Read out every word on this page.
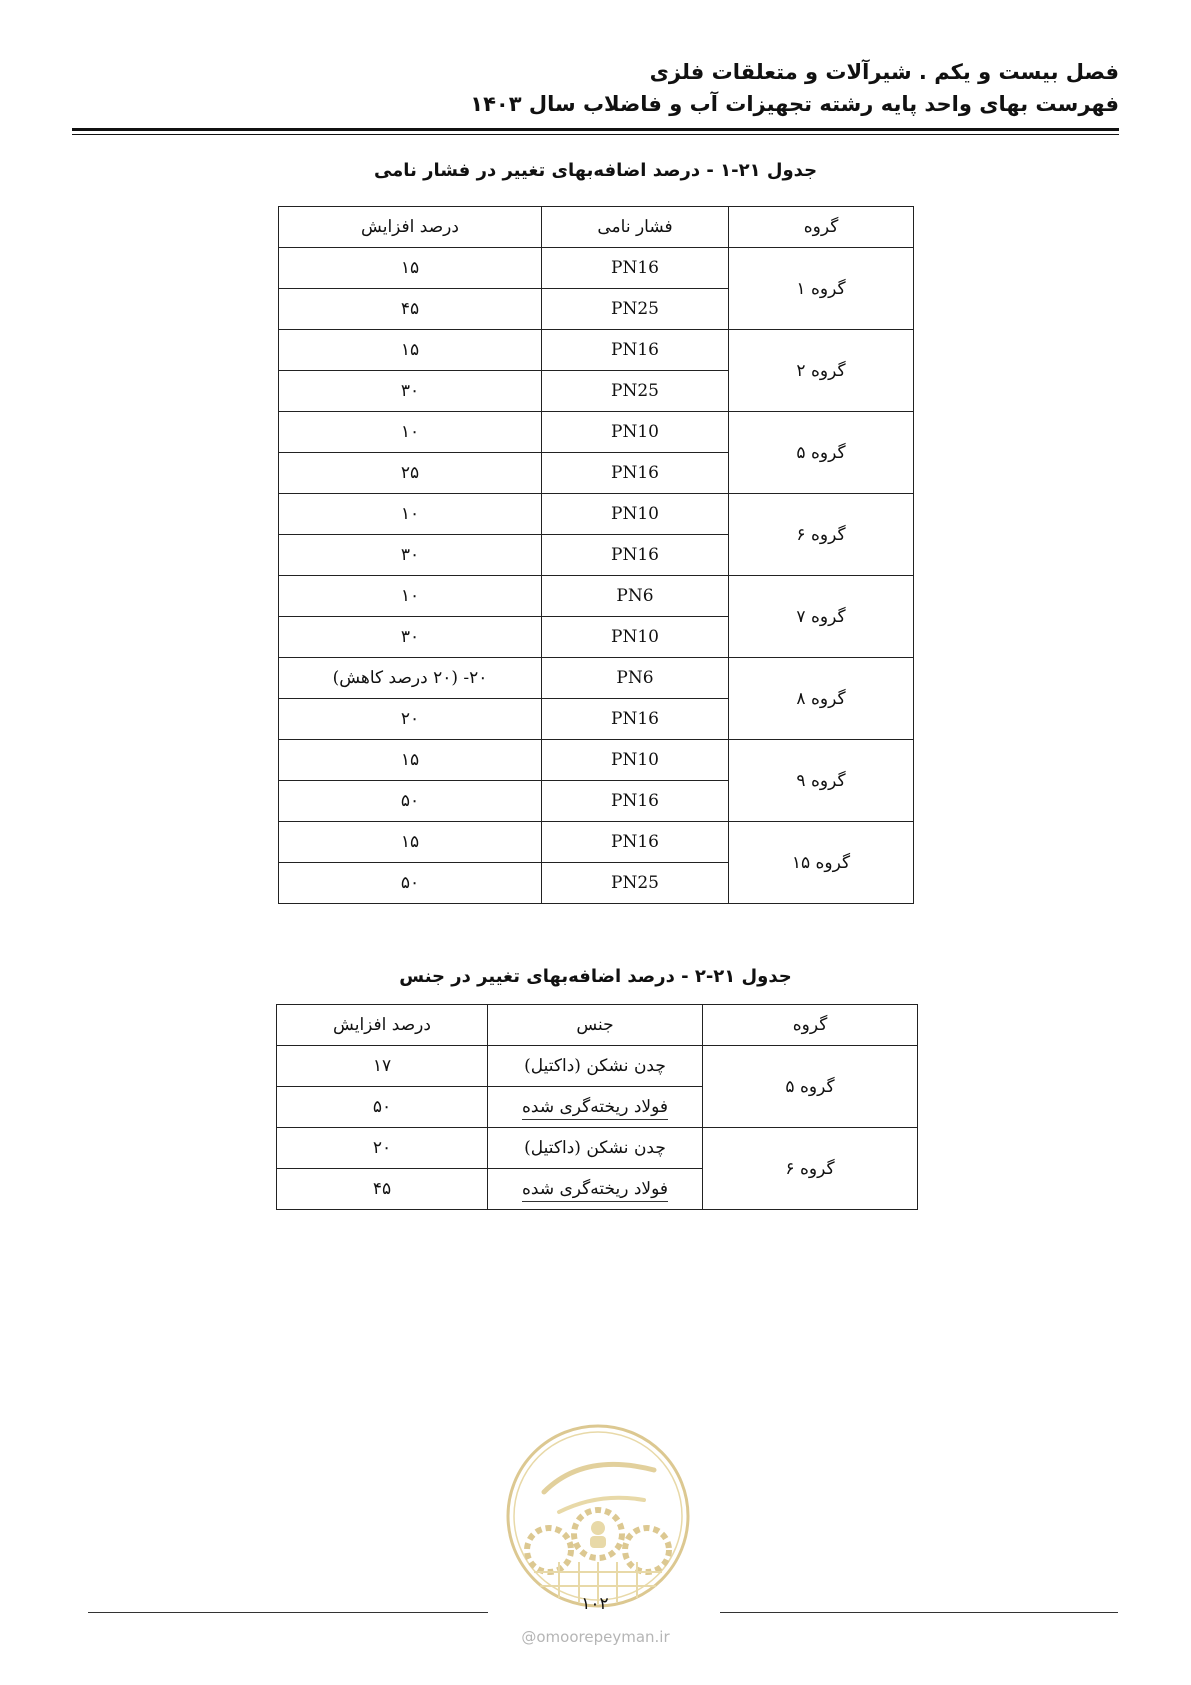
فصل بیست و یکم . شیرآلات و متعلقات فلزی
فهرست بهای واحد پایه رشته تجهیزات آب و فاضلاب سال ۱۴۰۳
جدول ۲۱-۱ - درصد اضافه‌بهای تغییر در فشار نامی
گروه	فشار نامی	درصد افزایش
گروه ۱	PN16	۱۵
	PN25	۴۵
گروه ۲	PN16	۱۵
	PN25	۳۰
گروه ۵	PN10	۱۰
	PN16	۲۵
گروه ۶	PN10	۱۰
	PN16	۳۰
گروه ۷	PN6	۱۰
	PN10	۳۰
گروه ۸	PN6	۲۰- (۲۰ درصد کاهش)
	PN16	۲۰
گروه ۹	PN10	۱۵
	PN16	۵۰
گروه ۱۵	PN16	۱۵
	PN25	۵۰
جدول ۲۱-۲ - درصد اضافه‌بهای تغییر در جنس
گروه	جنس	درصد افزایش
گروه ۵	چدن نشکن (داکتیل)	۱۷
	فولاد ریخته‌گری شده	۵۰
گروه ۶	چدن نشکن (داکتیل)	۲۰
	فولاد ریخته‌گری شده	۴۵
۱۰۲
@omoorepeyman.ir
